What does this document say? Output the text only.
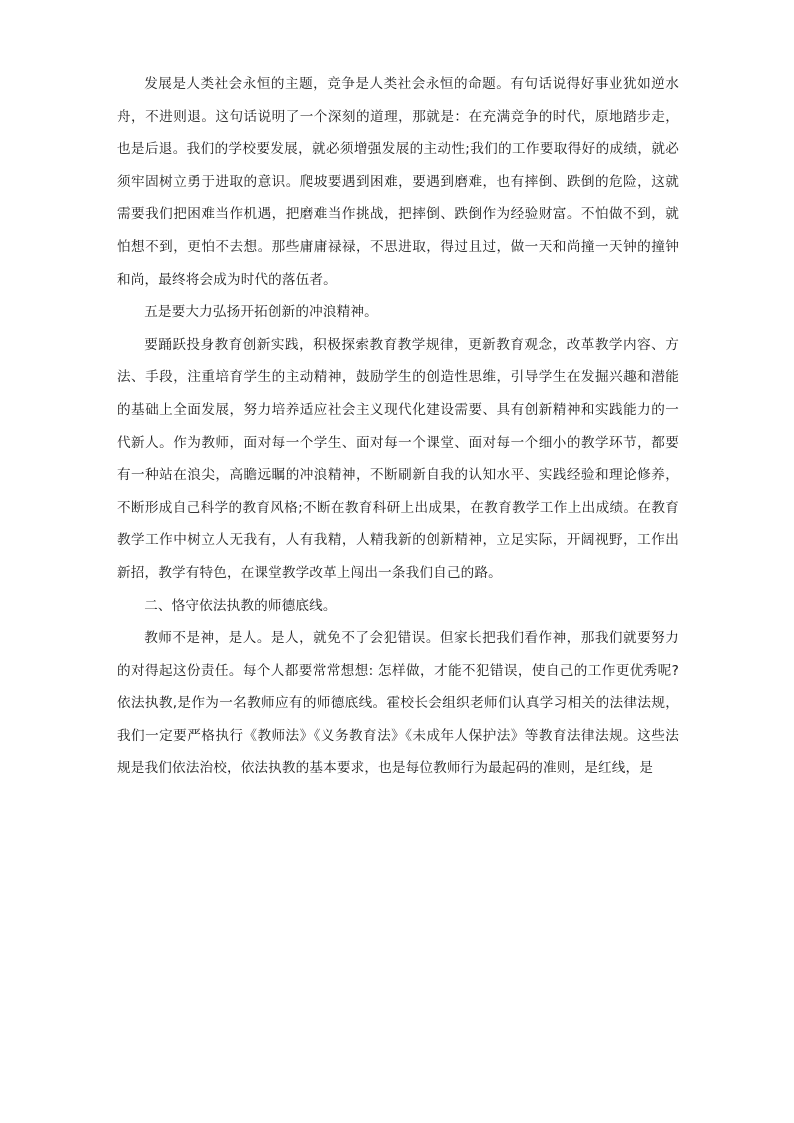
发展是人类社会永恒的主题，竞争是人类社会永恒的命题。有句话说得好事业犹如逆水舟，不进则退。这句话说明了一个深刻的道理，那就是：在充满竞争的时代，原地踏步走，也是后退。我们的学校要发展，就必须增强发展的主动性;我们的工作要取得好的成绩，就必须牢固树立勇于进取的意识。爬坡要遇到困难，要遇到磨难，也有摔倒、跌倒的危险，这就需要我们把困难当作机遇，把磨难当作挑战，把摔倒、跌倒作为经验财富。不怕做不到，就怕想不到，更怕不去想。那些庸庸禄禄，不思进取，得过且过，做一天和尚撞一天钟的撞钟和尚，最终将会成为时代的落伍者。

五是要大力弘扬开拓创新的冲浪精神。

要踊跃投身教育创新实践，积极探索教育教学规律，更新教育观念，改革教学内容、方法、手段，注重培育学生的主动精神，鼓励学生的创造性思维，引导学生在发掘兴趣和潜能的基础上全面发展，努力培养适应社会主义现代化建设需要、具有创新精神和实践能力的一代新人。作为教师，面对每一个学生、面对每一个课堂、面对每一个细小的教学环节，都要有一种站在浪尖，高瞻远瞩的冲浪精神，不断刷新自我的认知水平、实践经验和理论修养，不断形成自己科学的教育风格;不断在教育科研上出成果，在教育教学工作上出成绩。在教育教学工作中树立人无我有，人有我精，人精我新的创新精神，立足实际，开阔视野，工作出新招，教学有特色，在课堂教学改革上闯出一条我们自己的路。

二、恪守依法执教的师德底线。

教师不是神，是人。是人，就免不了会犯错误。但家长把我们看作神，那我们就要努力的对得起这份责任。每个人都要常常想想: 怎样做，才能不犯错误，使自己的工作更优秀呢?依法执教,是作为一名教师应有的师德底线。霍校长会组织老师们认真学习相关的法律法规，我们一定要严格执行《教师法》《义务教育法》《未成年人保护法》等教育法律法规。这些法规是我们依法治校，依法执教的基本要求，也是每位教师行为最起码的准则，是红线，是
